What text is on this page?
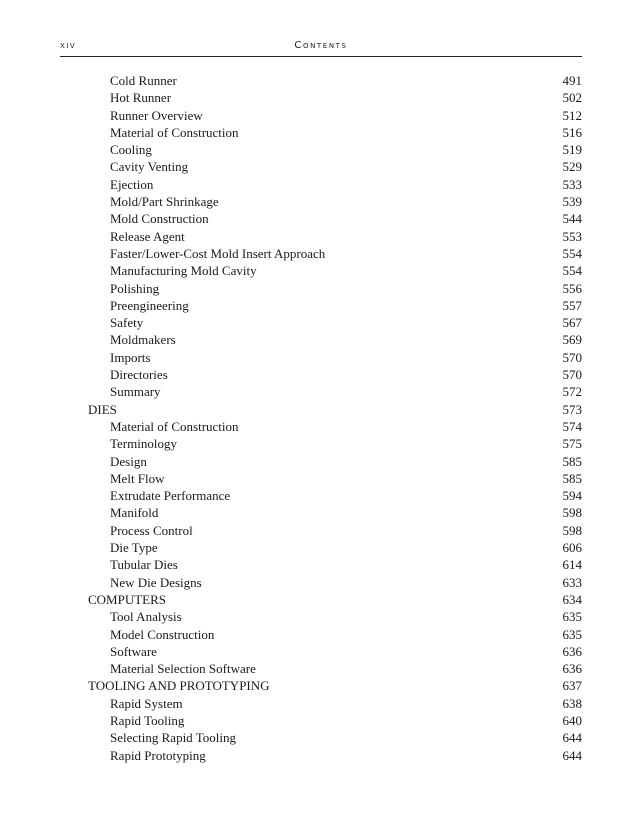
xiv	Contents
Cold Runner	491
Hot Runner	502
Runner Overview	512
Material of Construction	516
Cooling	519
Cavity Venting	529
Ejection	533
Mold/Part Shrinkage	539
Mold Construction	544
Release Agent	553
Faster/Lower-Cost Mold Insert Approach	554
Manufacturing Mold Cavity	554
Polishing	556
Preengineering	557
Safety	567
Moldmakers	569
Imports	570
Directories	570
Summary	572
DIES	573
Material of Construction	574
Terminology	575
Design	585
Melt Flow	585
Extrudate Performance	594
Manifold	598
Process Control	598
Die Type	606
Tubular Dies	614
New Die Designs	633
COMPUTERS	634
Tool Analysis	635
Model Construction	635
Software	636
Material Selection Software	636
TOOLING AND PROTOTYPING	637
Rapid System	638
Rapid Tooling	640
Selecting Rapid Tooling	644
Rapid Prototyping	644
